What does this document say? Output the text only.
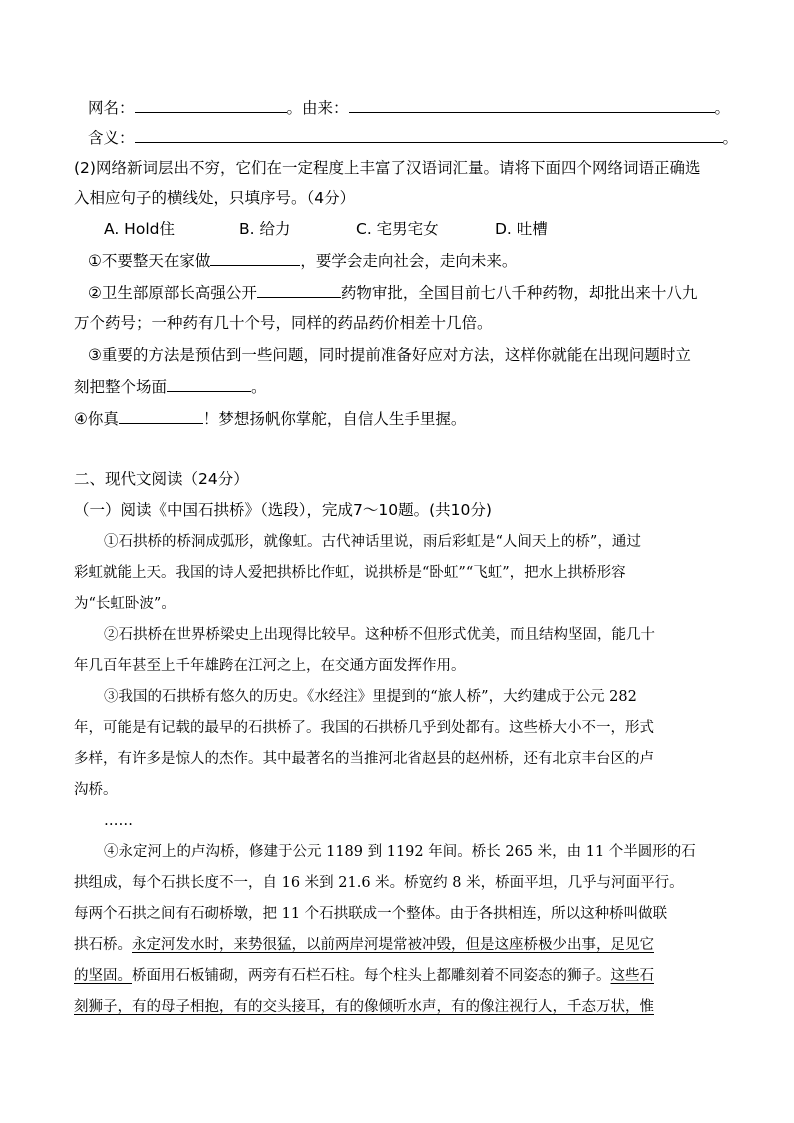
网名：	。由来：	。
含义：	。
(2)网络新词层出不穷，它们在一定程度上丰富了汉语词汇量。请将下面四个网络词语正确选
入相应句子的横线处，只填序号。（4分）
A. Hold住	B. 给力	C. 宅男宅女	D. 吐槽
①不要整天在家做	，要学会走向社会，走向未来。
②卫生部原部长高强公开	药物审批，全国目前七八千种药物，却批出来十八九
万个药号；一种药有几十个号，同样的药品药价相差十几倍。
③重要的方法是预估到一些问题，同时提前准备好应对方法，这样你就能在出现问题时立
刻把整个场面	。
④你真	！梦想扬帆你掌舵，自信人生手里握。
二、现代文阅读（24分）
（一）阅读《中国石拱桥》（选段），完成7～10题。(共10分)
①石拱桥的桥洞成弧形，就像虹。古代神话里说，雨后彩虹是“人间天上的桥”，通过
彩虹就能上天。我国的诗人爱把拱桥比作虹，说拱桥是“卧虹”“飞虹”，把水上拱桥形容
为“长虹卧波”。
②石拱桥在世界桥梁史上出现得比较早。这种桥不但形式优美，而且结构坚固，能几十
年几百年甚至上千年雄跨在江河之上，在交通方面发挥作用。
③我国的石拱桥有悠久的历史。《水经注》里提到的“旅人桥”，大约建成于公元 282
年，可能是有记载的最早的石拱桥了。我国的石拱桥几乎到处都有。这些桥大小不一，形式
多样，有许多是惊人的杰作。其中最著名的当推河北省赵县的赵州桥，还有北京丰台区的卢
沟桥。
……
④永定河上的卢沟桥，修建于公元 1189 到 1192 年间。桥长 265 米，由 11 个半圆形的石
拱组成，每个石拱长度不一，自 16 米到 21.6 米。桥宽约 8 米，桥面平坦，几乎与河面平行。
每两个石拱之间有石砌桥墩，把 11 个石拱联成一个整体。由于各拱相连，所以这种桥叫做联
拱石桥。永定河发水时，来势很猛，以前两岸河堤常被冲毁，但是这座桥极少出事，足见它
的坚固。桥面用石板铺砌，两旁有石栏石柱。每个柱头上都雕刻着不同姿态的狮子。这些石
刻狮子，有的母子相抱，有的交头接耳，有的像倾听水声，有的像注视行人，千态万状，惟
